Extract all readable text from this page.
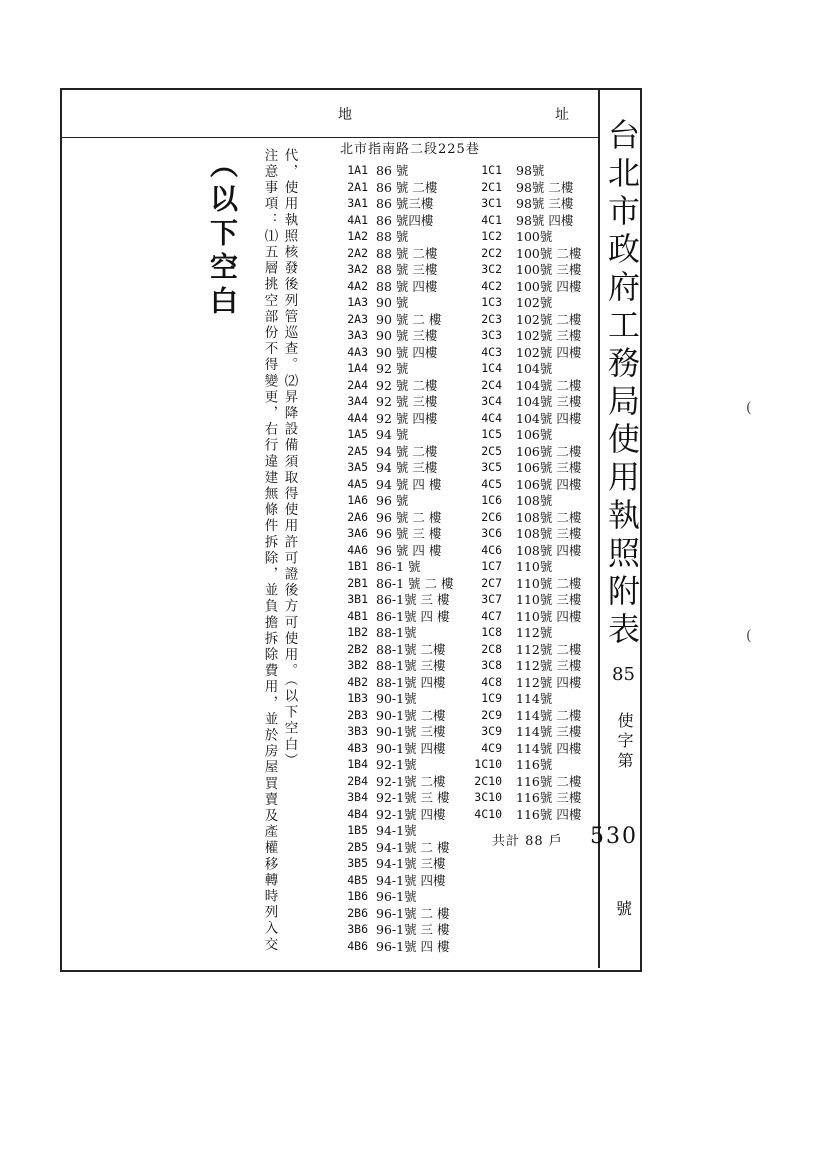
地	址
北市指南路二段225巷
注意事項：⑴五層挑空部份不得變更，右行違建無條件拆除，並負擔拆除費用，並於房屋買賣及產權移轉時列入交 代，使用執照核發後列管巡查。⑵昇降設備須取得使用許可證後方可使用。（以下空白）
（以下空白	台北市政府工務局使用執照附表
85
使字第
530
號
1A1 86 號
2A1 86 號 二樓
3A1 86 號三樓
4A1 86 號四樓
1A2 88 號
2A2 88 號 二樓
3A2 88 號 三樓
4A2 88 號 四樓
1A3 90 號
2A3 90 號 二 樓
3A3 90 號 三樓
4A3 90 號 四樓
1A4 92 號
2A4 92 號 二樓
3A4 92 號 三樓
4A4 92 號 四樓
1A5 94 號
2A5 94 號 二樓
3A5 94 號 三樓
4A5 94 號 四 樓
1A6 96 號
2A6 96 號 二 樓
3A6 96 號 三 樓
4A6 96 號 四 樓
1B1 86-1 號
2B1 86-1 號 二 樓
3B1 86-1號 三 樓
4B1 86-1號 四 樓
1B2 88-1號
2B2 88-1號 二樓
3B2 88-1號 三樓
4B2 88-1號 四樓
1B3 90-1號
2B3 90-1號 二樓
3B3 90-1號 三樓
4B3 90-1號 四樓
1B4 92-1號
2B4 92-1號 二樓
3B4 92-1號 三 樓
4B4 92-1號 四樓
1B5 94-1號
2B5 94-1號 二 樓
3B5 94-1號 三樓
4B5 94-1號 四樓
1B6 96-1號
2B6 96-1號 二 樓
3B6 96-1號 三 樓
4B6 96-1號 四 樓
1C1	98號
2C1	98號 二樓
3C1	98號 三樓
4C1	98號 四樓
1C2	100號
2C2	100號 二樓
3C2	100號 三樓
4C2	100號 四樓
1C3	102號
2C3	102號 二樓
3C3	102號 三樓
4C3	102號 四樓
1C4	104號
2C4	104號 二樓
3C4	104號 三樓
4C4	104號 四樓
1C5	106號
2C5	106號 二樓
3C5	106號 三樓
4C5	106號 四樓
1C6	108號
2C6	108號 二樓
3C6	108號 三樓
4C6	108號 四樓
1C7	110號
2C7	110號 二樓
3C7	110號 三樓
4C7	110號 四樓
1C8	112號
2C8	112號 二樓
3C8	112號 三樓
4C8	112號 四樓
1C9	114號
2C9	114號 二樓
3C9	114號 三樓
4C9	114號 四樓
1C10	116號
2C10	116號 二樓
3C10	116號 三樓
4C10	116號 四樓
共計 88 戶
(
(
